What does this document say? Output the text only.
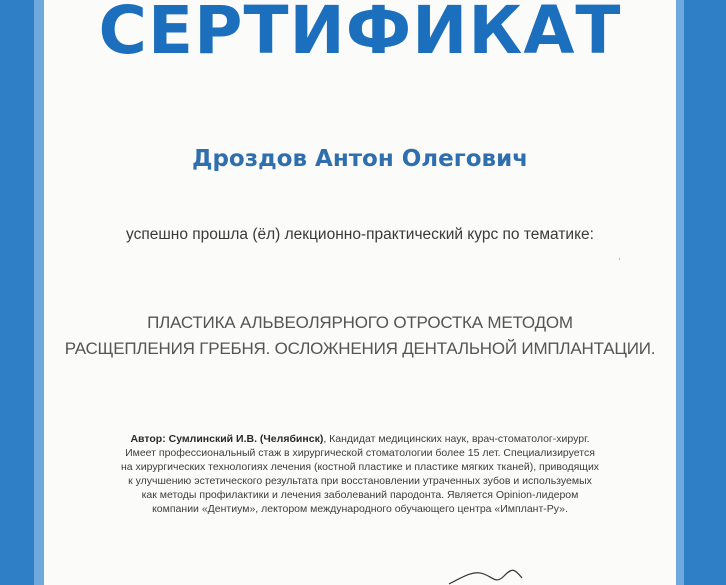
СЕРТИФИКАТ
Дроздов Антон Олегович
успешно прошла (ёл) лекционно-практический курс по тематике:
·
ПЛАСТИКА АЛЬВЕОЛЯРНОГО ОТРОСТКА МЕТОДОМ
РАСЩЕПЛЕНИЯ ГРЕБНЯ. ОСЛОЖНЕНИЯ ДЕНТАЛЬНОЙ ИМПЛАНТАЦИИ.
Автор: Сумлинский И.В. (Челябинск), Кандидат медицинских наук, врач-стоматолог-хирург.
Имеет профессиональный стаж в хирургической стоматологии более 15 лет. Специализируется
на хирургических технологиях лечения (костной пластике и пластике мягких тканей), приводящих
к улучшению эстетического результата при восстановлении утраченных зубов и используемых
как методы профилактики и лечения заболеваний пародонта. Является Opinion-лидером
компании «Дентиум», лектором международного обучающего центра «Имплант-Ру».
